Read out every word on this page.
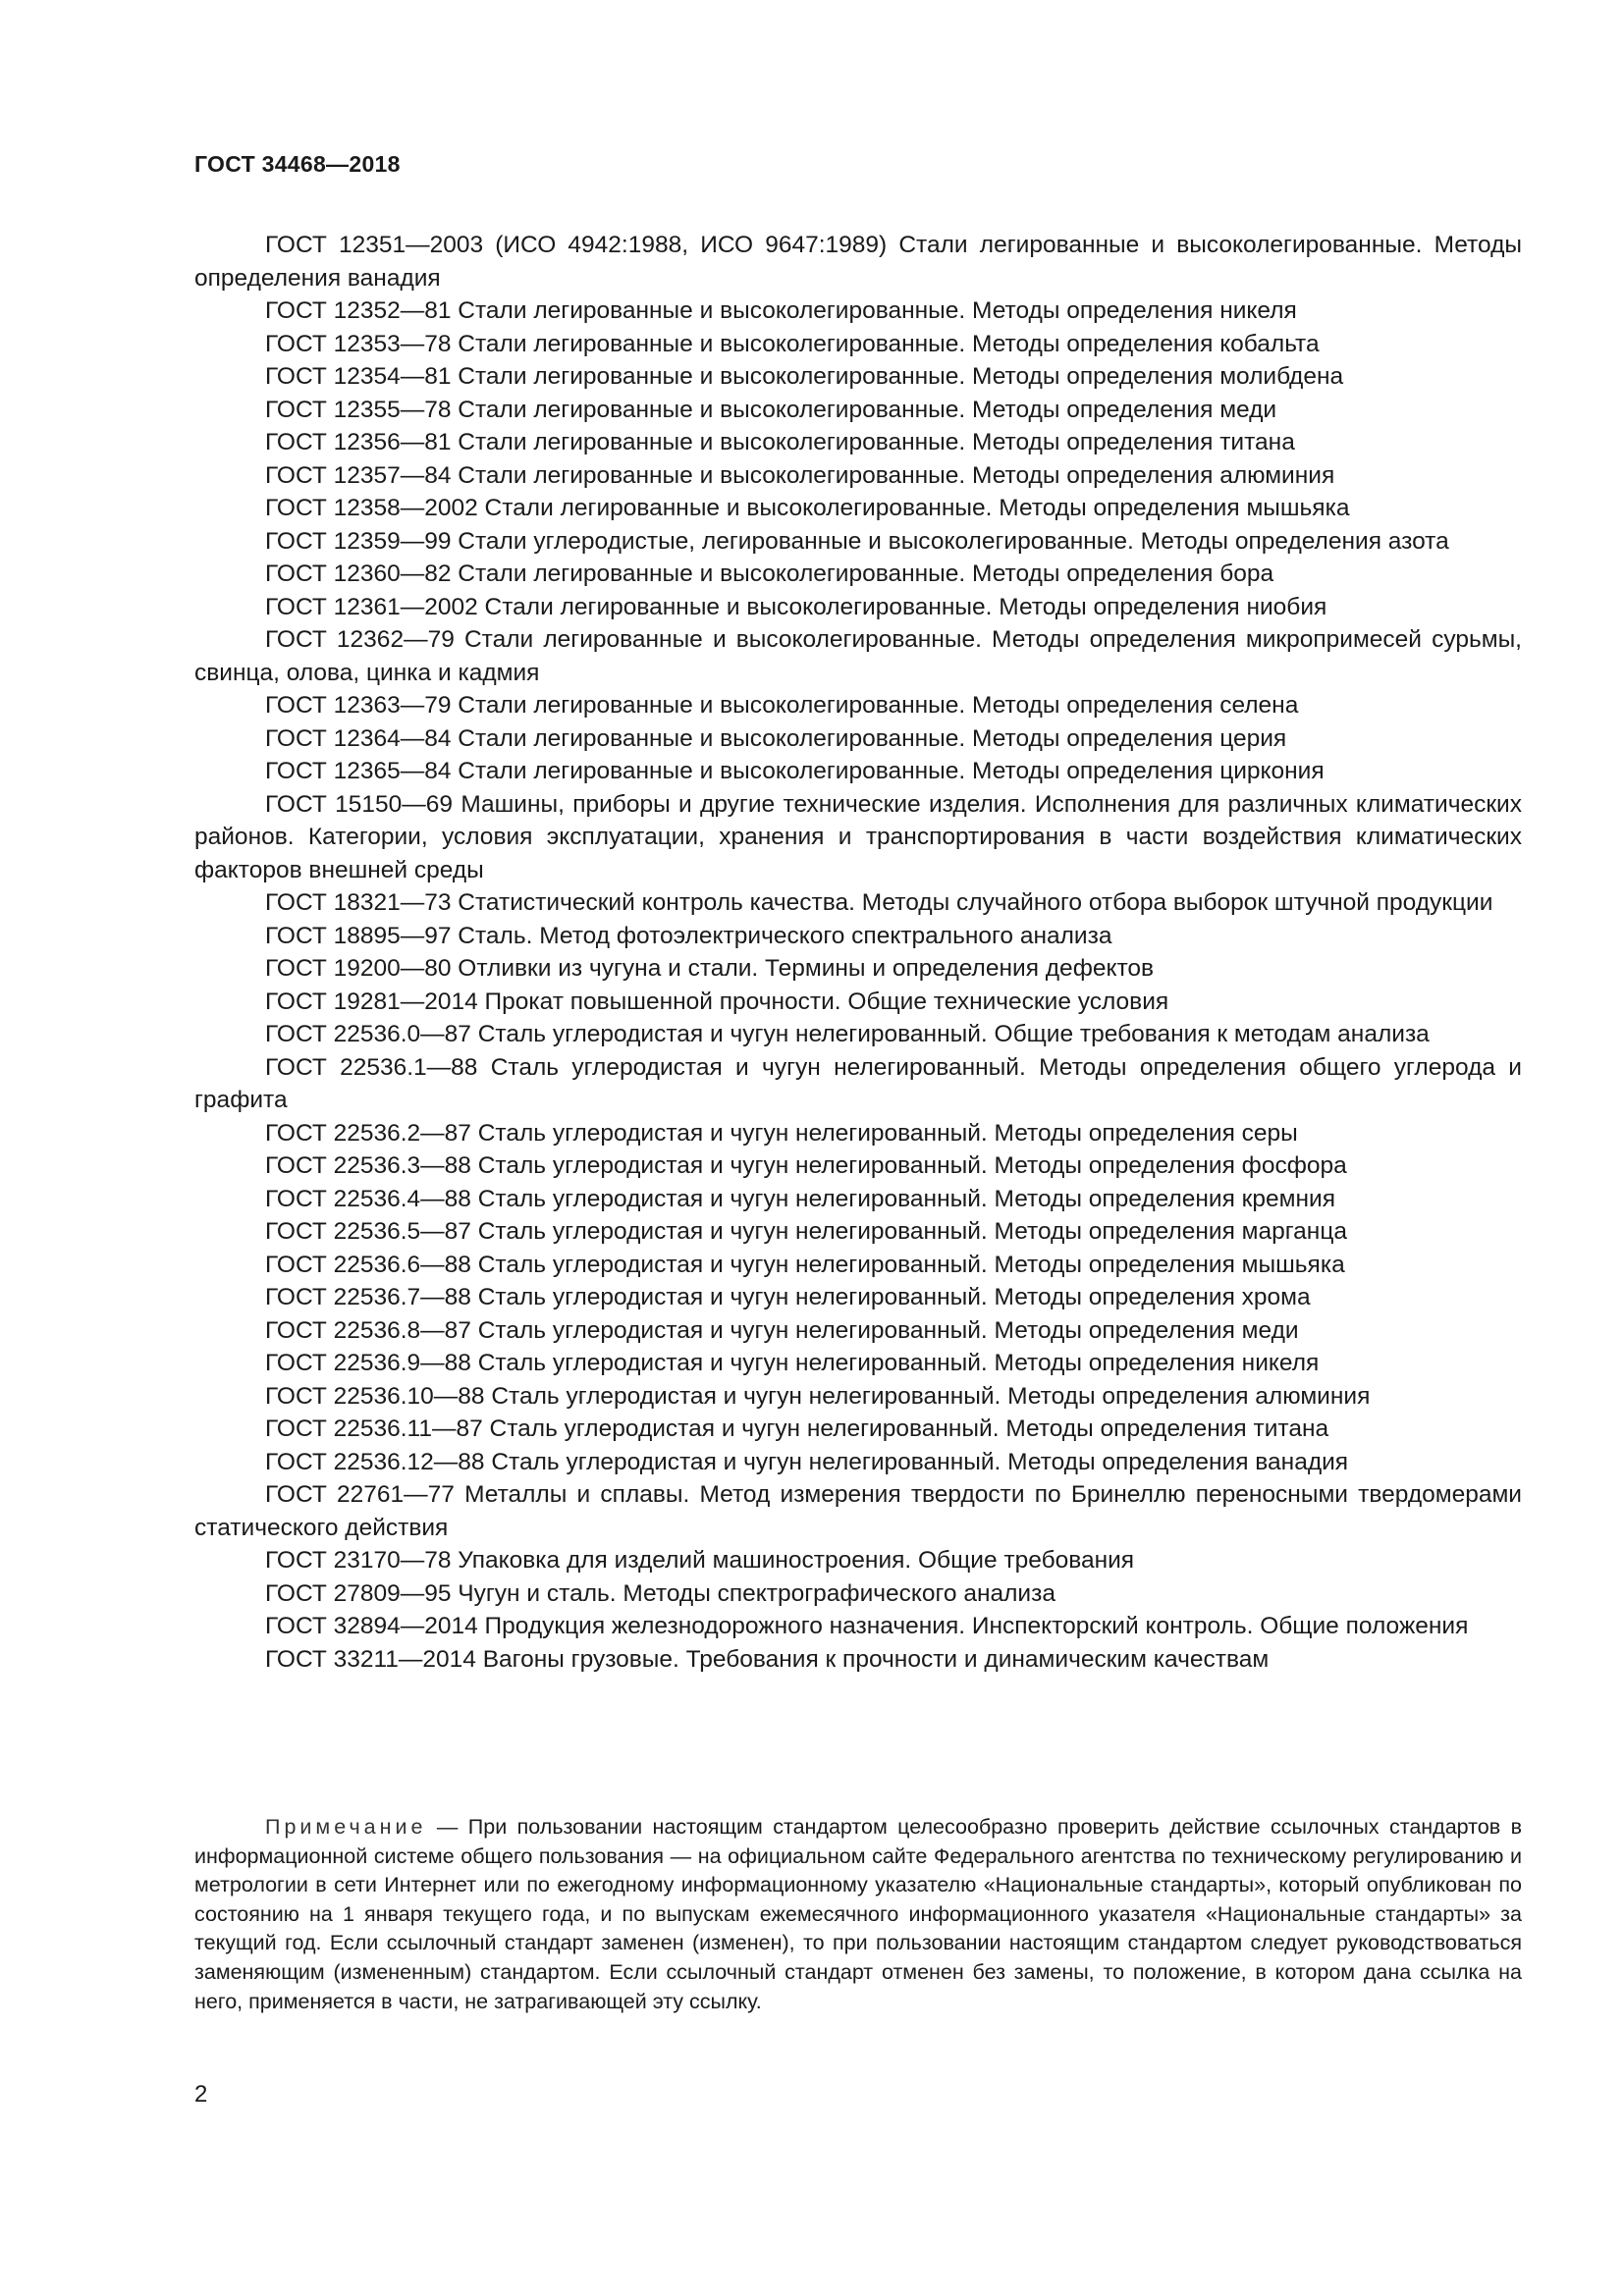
ГОСТ 34468—2018
ГОСТ 12351—2003 (ИСО 4942:1988, ИСО 9647:1989) Стали легированные и высоколегированные. Методы определения ванадия
ГОСТ 12352—81 Стали легированные и высоколегированные. Методы определения никеля
ГОСТ 12353—78 Стали легированные и высоколегированные. Методы определения кобальта
ГОСТ 12354—81 Стали легированные и высоколегированные. Методы определения молибдена
ГОСТ 12355—78 Стали легированные и высоколегированные. Методы определения меди
ГОСТ 12356—81 Стали легированные и высоколегированные. Методы определения титана
ГОСТ 12357—84 Стали легированные и высоколегированные. Методы определения алюминия
ГОСТ 12358—2002 Стали легированные и высоколегированные. Методы определения мышьяка
ГОСТ 12359—99 Стали углеродистые, легированные и высоколегированные. Методы определения азота
ГОСТ 12360—82 Стали легированные и высоколегированные. Методы определения бора
ГОСТ 12361—2002 Стали легированные и высоколегированные. Методы определения ниобия
ГОСТ 12362—79 Стали легированные и высоколегированные. Методы определения микропримесей сурьмы, свинца, олова, цинка и кадмия
ГОСТ 12363—79 Стали легированные и высоколегированные. Методы определения селена
ГОСТ 12364—84 Стали легированные и высоколегированные. Методы определения церия
ГОСТ 12365—84 Стали легированные и высоколегированные. Методы определения циркония
ГОСТ 15150—69 Машины, приборы и другие технические изделия. Исполнения для различных климатических районов. Категории, условия эксплуатации, хранения и транспортирования в части воздействия климатических факторов внешней среды
ГОСТ 18321—73 Статистический контроль качества. Методы случайного отбора выборок штучной продукции
ГОСТ 18895—97 Сталь. Метод фотоэлектрического спектрального анализа
ГОСТ 19200—80 Отливки из чугуна и стали. Термины и определения дефектов
ГОСТ 19281—2014 Прокат повышенной прочности. Общие технические условия
ГОСТ 22536.0—87 Сталь углеродистая и чугун нелегированный. Общие требования к методам анализа
ГОСТ 22536.1—88 Сталь углеродистая и чугун нелегированный. Методы определения общего углерода и графита
ГОСТ 22536.2—87 Сталь углеродистая и чугун нелегированный. Методы определения серы
ГОСТ 22536.3—88 Сталь углеродистая и чугун нелегированный. Методы определения фосфора
ГОСТ 22536.4—88 Сталь углеродистая и чугун нелегированный. Методы определения кремния
ГОСТ 22536.5—87 Сталь углеродистая и чугун нелегированный. Методы определения марганца
ГОСТ 22536.6—88 Сталь углеродистая и чугун нелегированный. Методы определения мышьяка
ГОСТ 22536.7—88 Сталь углеродистая и чугун нелегированный. Методы определения хрома
ГОСТ 22536.8—87 Сталь углеродистая и чугун нелегированный. Методы определения меди
ГОСТ 22536.9—88 Сталь углеродистая и чугун нелегированный. Методы определения никеля
ГОСТ 22536.10—88 Сталь углеродистая и чугун нелегированный. Методы определения алюминия
ГОСТ 22536.11—87 Сталь углеродистая и чугун нелегированный. Методы определения титана
ГОСТ 22536.12—88 Сталь углеродистая и чугун нелегированный. Методы определения ванадия
ГОСТ 22761—77 Металлы и сплавы. Метод измерения твердости по Бринеллю переносными твердомерами статического действия
ГОСТ 23170—78 Упаковка для изделий машиностроения. Общие требования
ГОСТ 27809—95 Чугун и сталь. Методы спектрографического анализа
ГОСТ 32894—2014 Продукция железнодорожного назначения. Инспекторский контроль. Общие положения
ГОСТ 33211—2014 Вагоны грузовые. Требования к прочности и динамическим качествам

Примечание — При пользовании настоящим стандартом целесообразно проверить действие ссылочных стандартов в информационной системе общего пользования — на официальном сайте Федерального агентства по техническому регулированию и метрологии в сети Интернет или по ежегодному информационному указателю «Национальные стандарты», который опубликован по состоянию на 1 января текущего года, и по выпускам ежемесячного информационного указателя «Национальные стандарты» за текущий год. Если ссылочный стандарт заменен (изменен), то при пользовании настоящим стандартом следует руководствоваться заменяющим (измененным) стандартом. Если ссылочный стандарт отменен без замены, то положение, в котором дана ссылка на него, применяется в части, не затрагивающей эту ссылку.

2
